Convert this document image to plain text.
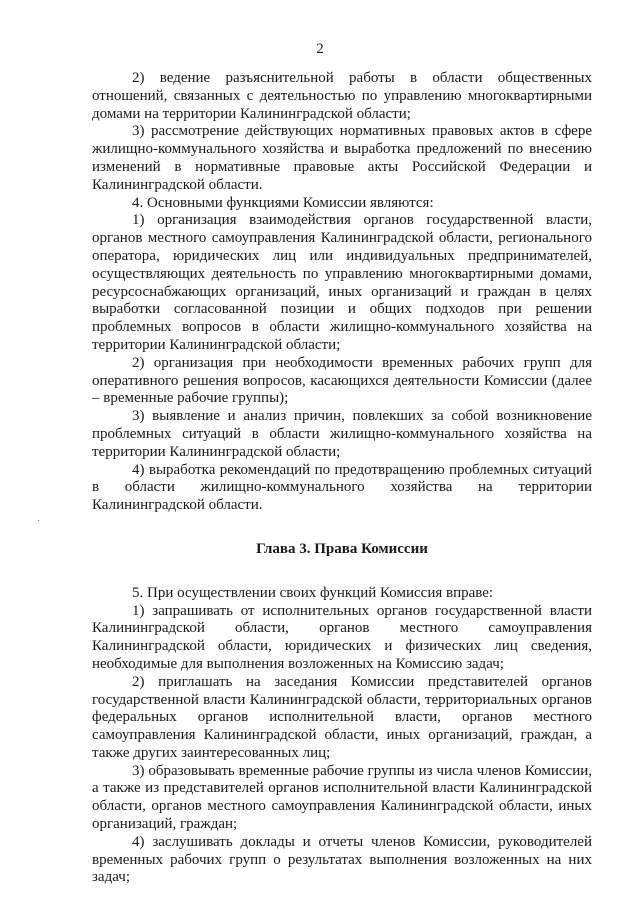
2

2) ведение разъяснительной работы в области общественных отношений, связанных с деятельностью по управлению многоквартирными домами на территории Калининградской области;

3) рассмотрение действующих нормативных правовых актов в сфере жилищно-коммунального хозяйства и выработка предложений по внесению изменений в нормативные правовые акты Российской Федерации и Калининградской области.

4. Основными функциями Комиссии являются:

1) организация взаимодействия органов государственной власти, органов местного самоуправления Калининградской области, регионального оператора, юридических лиц или индивидуальных предпринимателей, осуществляющих деятельность по управлению многоквартирными домами, ресурсоснабжающих организаций, иных организаций и граждан в целях выработки согласованной позиции и общих подходов при решении проблемных вопросов в области жилищно-коммунального хозяйства на территории Калининградской области;

2) организация при необходимости временных рабочих групп для оперативного решения вопросов, касающихся деятельности Комиссии (далее – временные рабочие группы);

3) выявление и анализ причин, повлекших за собой возникновение проблемных ситуаций в области жилищно-коммунального хозяйства на территории Калининградской области;

4) выработка рекомендаций по предотвращению проблемных ситуаций в области жилищно-коммунального хозяйства на территории Калининградской области.

Глава 3. Права Комиссии

5. При осуществлении своих функций Комиссия вправе:

1) запрашивать от исполнительных органов государственной власти Калининградской области, органов местного самоуправления Калининградской области, юридических и физических лиц сведения, необходимые для выполнения возложенных на Комиссию задач;

2) приглашать на заседания Комиссии представителей органов государственной власти Калининградской области, территориальных органов федеральных органов исполнительной власти, органов местного самоуправления Калининградской области, иных организаций, граждан, а также других заинтересованных лиц;

3) образовывать временные рабочие группы из числа членов Комиссии, а также из представителей органов исполнительной власти Калининградской области, органов местного самоуправления Калининградской области, иных организаций, граждан;

4) заслушивать доклады и отчеты членов Комиссии, руководителей временных рабочих групп о результатах выполнения возложенных на них задач;
